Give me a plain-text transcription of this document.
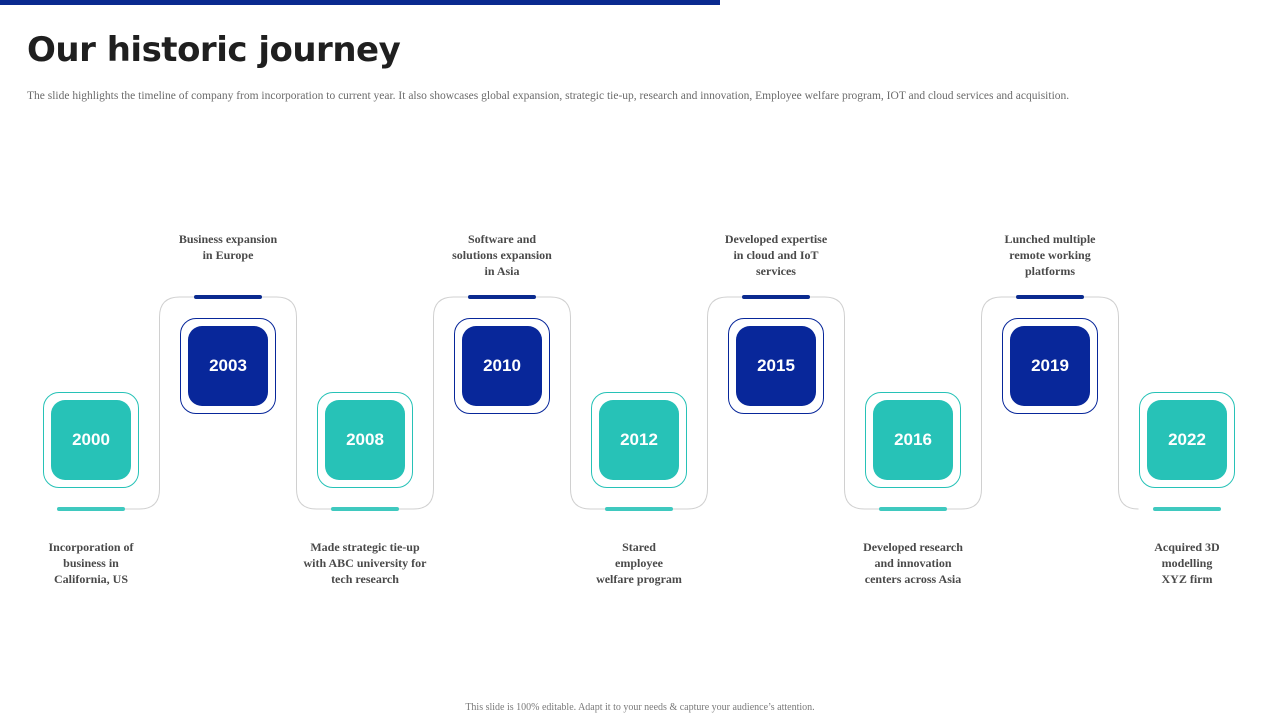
Our historic journey
The slide highlights the timeline of company from incorporation to current year. It also showcases global expansion, strategic tie-up, research and innovation, Employee welfare program, IOT and cloud services and acquisition.
2000
Incorporation of
business in
California, US
2003
Business expansion
in Europe
2008
Made strategic tie-up
with ABC university for
tech research
2010
Software and
solutions expansion
in Asia
2012
Stared
employee
welfare program
2015
Developed expertise
in cloud and IoT
services
2016
Developed research
and innovation
centers across Asia
2019
Lunched multiple
remote working
platforms
2022
Acquired 3D
modelling
XYZ firm
This slide is 100% editable. Adapt it to your needs & capture your audience’s attention.
